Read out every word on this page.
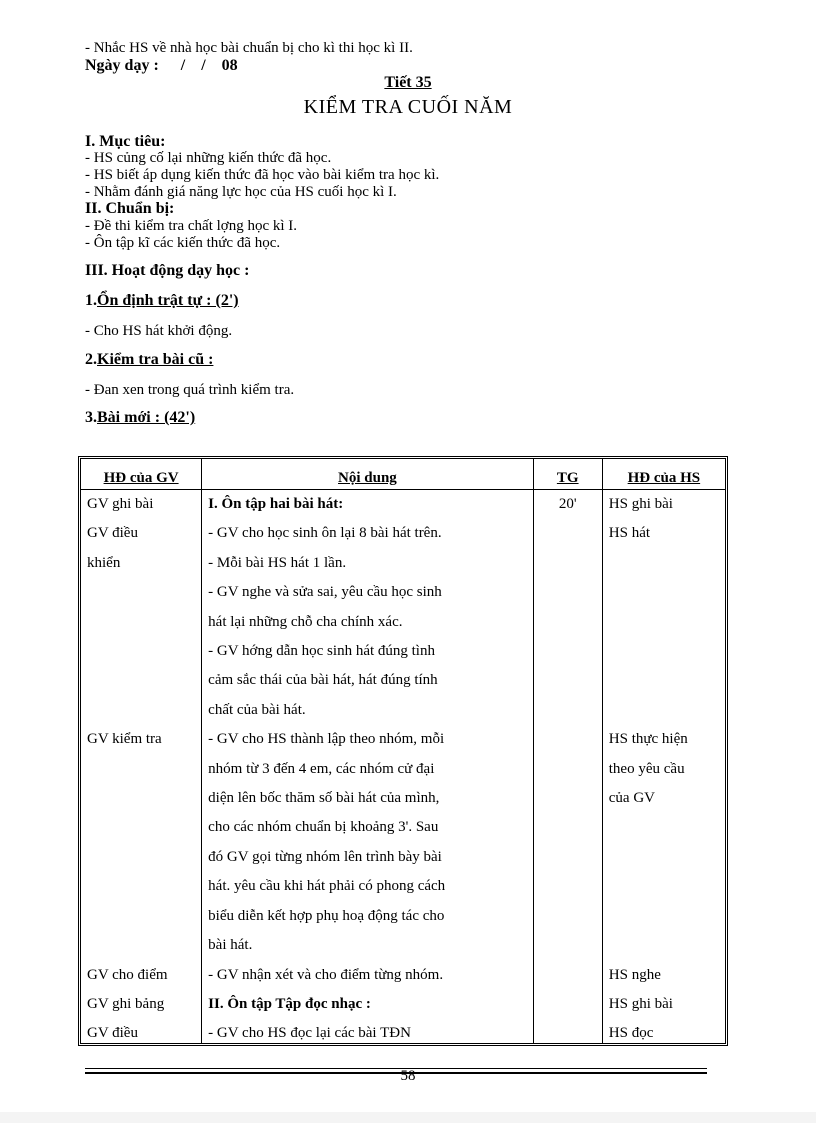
- Nhắc HS về nhà học bài chuẩn bị cho kì thi học kì II.
Ngày dạy : / / 08
Tiết 35
KIỂM TRA CUỐI NĂM
I. Mục tiêu:
- HS củng cố lại những kiến thức đã học.
- HS biết áp dụng kiến thức đã học vào bài kiểm tra học kì.
- Nhằm đánh giá năng lực học của HS cuối học kì I.
II. Chuẩn bị:
- Đề thi kiểm tra chất lợng học kì I.
- Ôn tập kĩ các kiến thức đã học.
III. Hoạt động dạy học :
1.Ổn định trật tự : (2')
- Cho HS hát khởi động.
2.Kiểm tra bài cũ :
- Đan xen trong quá trình kiểm tra.
3.Bài mới : (42')
HĐ của GV	Nội dung	TG	HĐ của HS
GV ghi bài	I. Ôn tập hai bài hát:	20'	HS ghi bài
GV điều	- GV cho học sinh ôn lại 8 bài hát trên.		HS hát
khiển	- Mỗi bài HS hát 1 lần.		
	- GV nghe và sửa sai, yêu cầu học sinh		
	hát lại những chỗ cha chính xác.		
	- GV hớng dẫn học sinh hát đúng tình		
	cảm sắc thái của bài hát, hát đúng tính		
	chất của bài hát.		
GV kiểm tra	- GV cho HS thành lập theo nhóm, mỗi		HS thực hiện
	nhóm từ 3 đến 4 em, các nhóm cử đại		theo yêu cầu
	diện lên bốc thăm số bài hát của mình,		của GV
	cho các nhóm chuẩn bị khoảng 3'. Sau		
	đó GV gọi từng nhóm lên trình bày bài		
	hát. yêu cầu khi hát phải có phong cách		
	biểu diễn kết hợp phụ hoạ động tác cho		
	bài hát.		
GV cho điểm	- GV nhận xét và cho điểm từng nhóm.		HS nghe
GV ghi bảng	II. Ôn tập Tập đọc nhạc :		HS ghi bài
GV điều	- GV cho HS đọc lại các bài TĐN		HS đọc
58
